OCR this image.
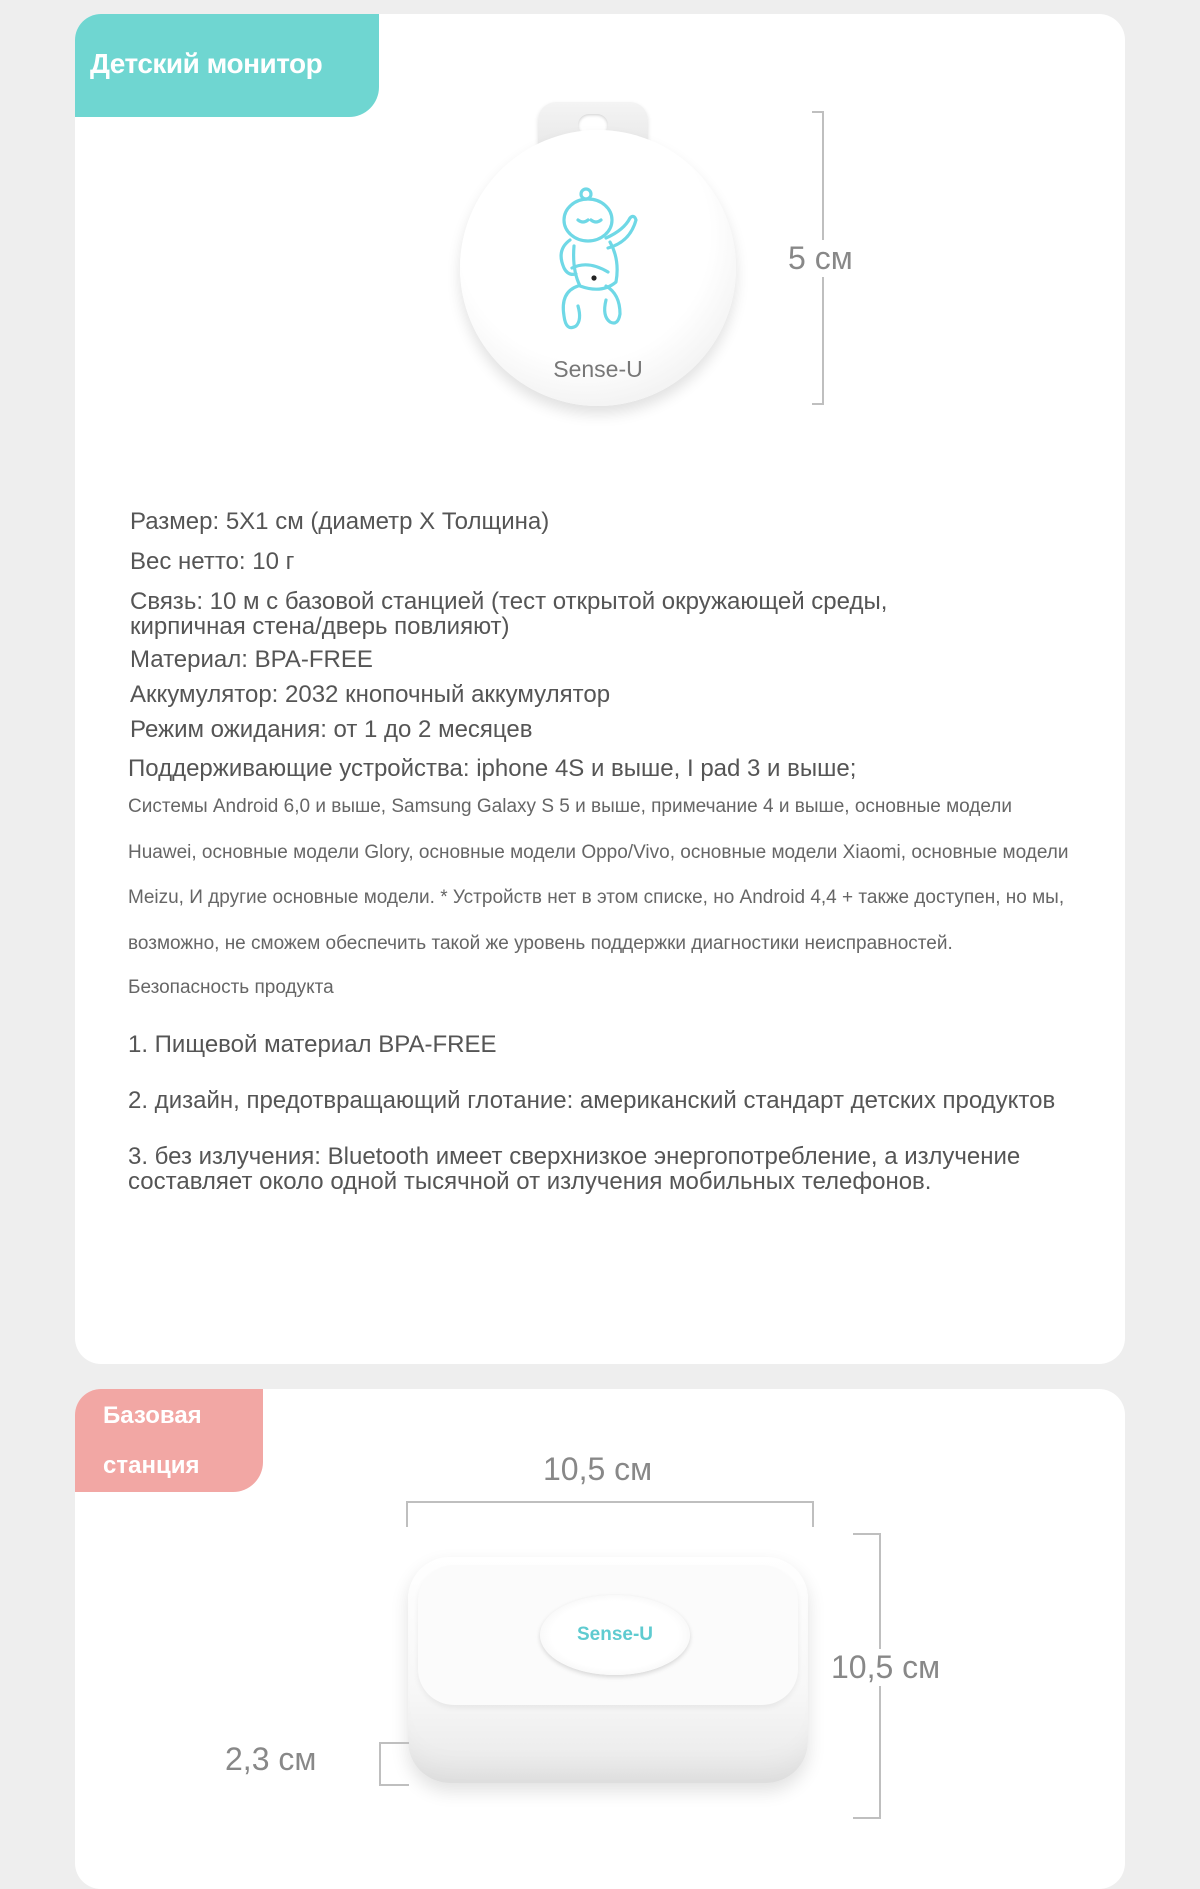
Детский монитор
Sense-U
5 см
Размер: 5X1 см (диаметр X Толщина)
Вес нетто: 10 г
Связь: 10 м с базовой станцией (тест открытой окружающей среды,
кирпичная стена/дверь повлияют)
Материал: BPA-FREE
Аккумулятор: 2032 кнопочный аккумулятор
Режим ожидания: от 1 до 2 месяцев
Поддерживающие устройства: iphone 4S и выше, I pad 3 и выше;
Системы Android 6,0 и выше, Samsung Galaxy S 5 и выше, примечание 4 и выше, основные модели
Huawei, основные модели Glory, основные модели Oppo/Vivo, основные модели Xiaomi, основные модели
Meizu, И другие основные модели. * Устройств нет в этом списке, но Android 4,4 + также доступен, но мы,
возможно, не сможем обеспечить такой же уровень поддержки диагностики неисправностей.
Безопасность продукта
1. Пищевой материал BPA-FREE
2. дизайн, предотвращающий глотание: американский стандарт детских продуктов
3. без излучения: Bluetooth имеет сверхнизкое энергопотребление, а излучение
составляет около одной тысячной от излучения мобильных телефонов.
Базовая
станция	10,5 см
Sense-U
10,5 см
2,3 см
